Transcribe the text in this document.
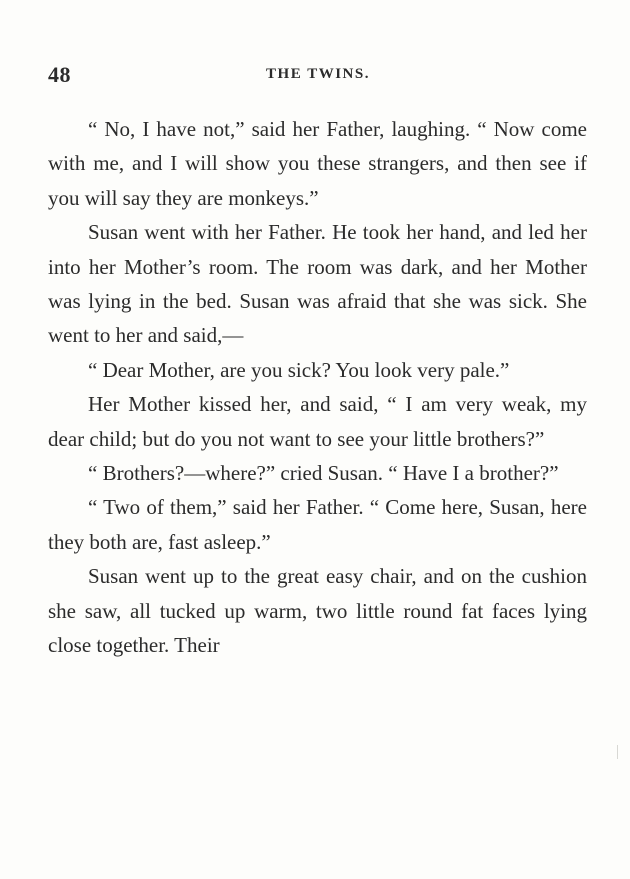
48	THE TWINS.

“ No, I have not,” said her Father, laughing. “ Now come with me, and I will show you these strangers, and then see if you will say they are monkeys.”

Susan went with her Father. He took her hand, and led her into her Mother’s room. The room was dark, and her Mother was lying in the bed. Susan was afraid that she was sick. She went to her and said,—

“ Dear Mother, are you sick? You look very pale.”

Her Mother kissed her, and said, “ I am very weak, my dear child; but do you not want to see your little brothers?”

“ Brothers?—where?” cried Susan. “ Have I a brother?”

“ Two of them,” said her Father. “ Come here, Susan, here they both are, fast asleep.”

Susan went up to the great easy chair, and on the cushion she saw, all tucked up warm, two little round fat faces lying close together. Their
